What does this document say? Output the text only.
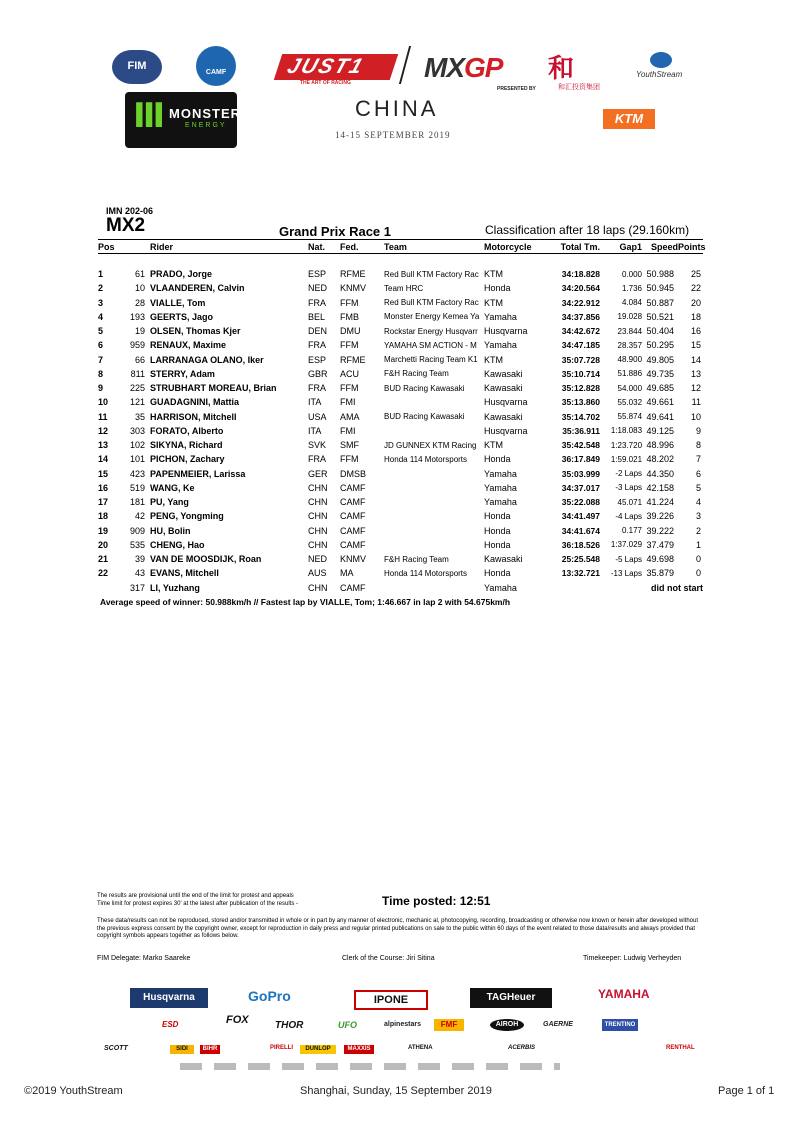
FIM
CAMF
Ⅲ MONSTER
ENERGY
JUST1
THE ART OF RACING	MXGP
PRESENTED BY
和
和汇投资集团
CHINA
14-15 SEPTEMBER 2019
YouthStream
KTM
IMN 202-06
MX2	Grand Prix Race 1	Classification after 18 laps (29.160km)
Pos		Rider	Nat.	Fed.	Team	Motorcycle	Total Tm.	Gap1	Speed	Points

1	61	PRADO, Jorge	ESP	RFME	Red Bull KTM Factory Rac	KTM	34:18.828	0.000	50.988	25
2	10	VLAANDEREN, Calvin	NED	KNMV	Team HRC	Honda	34:20.564	1.736	50.945	22
3	28	VIALLE, Tom	FRA	FFM	Red Bull KTM Factory Rac	KTM	34:22.912	4.084	50.887	20
4	193	GEERTS, Jago	BEL	FMB	Monster Energy Kemea Ya	Yamaha	34:37.856	19.028	50.521	18
5	19	OLSEN, Thomas Kjer	DEN	DMU	Rockstar Energy Husqvarr	Husqvarna	34:42.672	23.844	50.404	16
6	959	RENAUX, Maxime	FRA	FFM	YAMAHA SM ACTION - M	Yamaha	34:47.185	28.357	50.295	15
7	66	LARRANAGA OLANO, Iker	ESP	RFME	Marchetti Racing Team K1	KTM	35:07.728	48.900	49.805	14
8	811	STERRY, Adam	GBR	ACU	F&H Racing Team	Kawasaki	35:10.714	51.886	49.735	13
9	225	STRUBHART MOREAU, Brian	FRA	FFM	BUD Racing Kawasaki	Kawasaki	35:12.828	54.000	49.685	12
10	121	GUADAGNINI, Mattia	ITA	FMI		Husqvarna	35:13.860	55.032	49.661	11
11	35	HARRISON, Mitchell	USA	AMA	BUD Racing Kawasaki	Kawasaki	35:14.702	55.874	49.641	10
12	303	FORATO, Alberto	ITA	FMI		Husqvarna	35:36.911	1:18.083	49.125	9
13	102	SIKYNA, Richard	SVK	SMF	JD GUNNEX KTM Racing	KTM	35:42.548	1:23.720	48.996	8
14	101	PICHON, Zachary	FRA	FFM	Honda 114 Motorsports	Honda	36:17.849	1:59.021	48.202	7
15	423	PAPENMEIER, Larissa	GER	DMSB		Yamaha	35:03.999	-2 Laps	44.350	6
16	519	WANG, Ke	CHN	CAMF		Yamaha	34:37.017	-3 Laps	42.158	5
17	181	PU, Yang	CHN	CAMF		Yamaha	35:22.088	45.071	41.224	4
18	42	PENG, Yongming	CHN	CAMF		Honda	34:41.497	-4 Laps	39.226	3
19	909	HU, Bolin	CHN	CAMF		Honda	34:41.674	0.177	39.222	2
20	535	CHENG, Hao	CHN	CAMF		Honda	36:18.526	1:37.029	37.479	1
21	39	VAN DE MOOSDIJK, Roan	NED	KNMV	F&H Racing Team	Kawasaki	25:25.548	-5 Laps	49.698	0
22	43	EVANS, Mitchell	AUS	MA	Honda 114 Motorsports	Honda	13:32.721	-13 Laps	35.879	0
	317	LI, Yuzhang	CHN	CAMF		Yamaha	did not start			
Average speed of winner: 50.988km/h // Fastest lap by VIALLE, Tom; 1:46.667 in lap 2 with 54.675km/h
The results are provisional until the end of the limit for protest and appeals
Time limit for protest expires 30' at the latest after publication of the results -	Time posted: 12:51
These data/results can not be reproduced, stored and/or transmitted in whole or in part by any manner of electronic, mechanic al, photocopying, recording, broadcasting or otherwise now known or herein after developed without the previous express consent by the copyright owner, except for reproduction in daily press and regular printed publications on sale to the public within 60 days of the event related to those data/results and always provided that copyright symbols appears together as follows below.
FIM Delegate: Marko Saareke	Clerk of the Course: Jiri Sitina	Timekeeper: Ludwig Verheyden
Husqvarna	GoPro	IPONE	TAGHeuer	YAMAHA
ESD	FOX	THOR	UFO	alpinestars	FMF	AIROH	GAERNE	TRENTINO
SCOTT	SIDI	BIHR	DUNLOP	MAXXIS
PIRELLI	ATHENA	ACERBIS	RENTHAL
©2019 YouthStream	Shanghai, Sunday, 15 September 2019	Page 1 of 1
